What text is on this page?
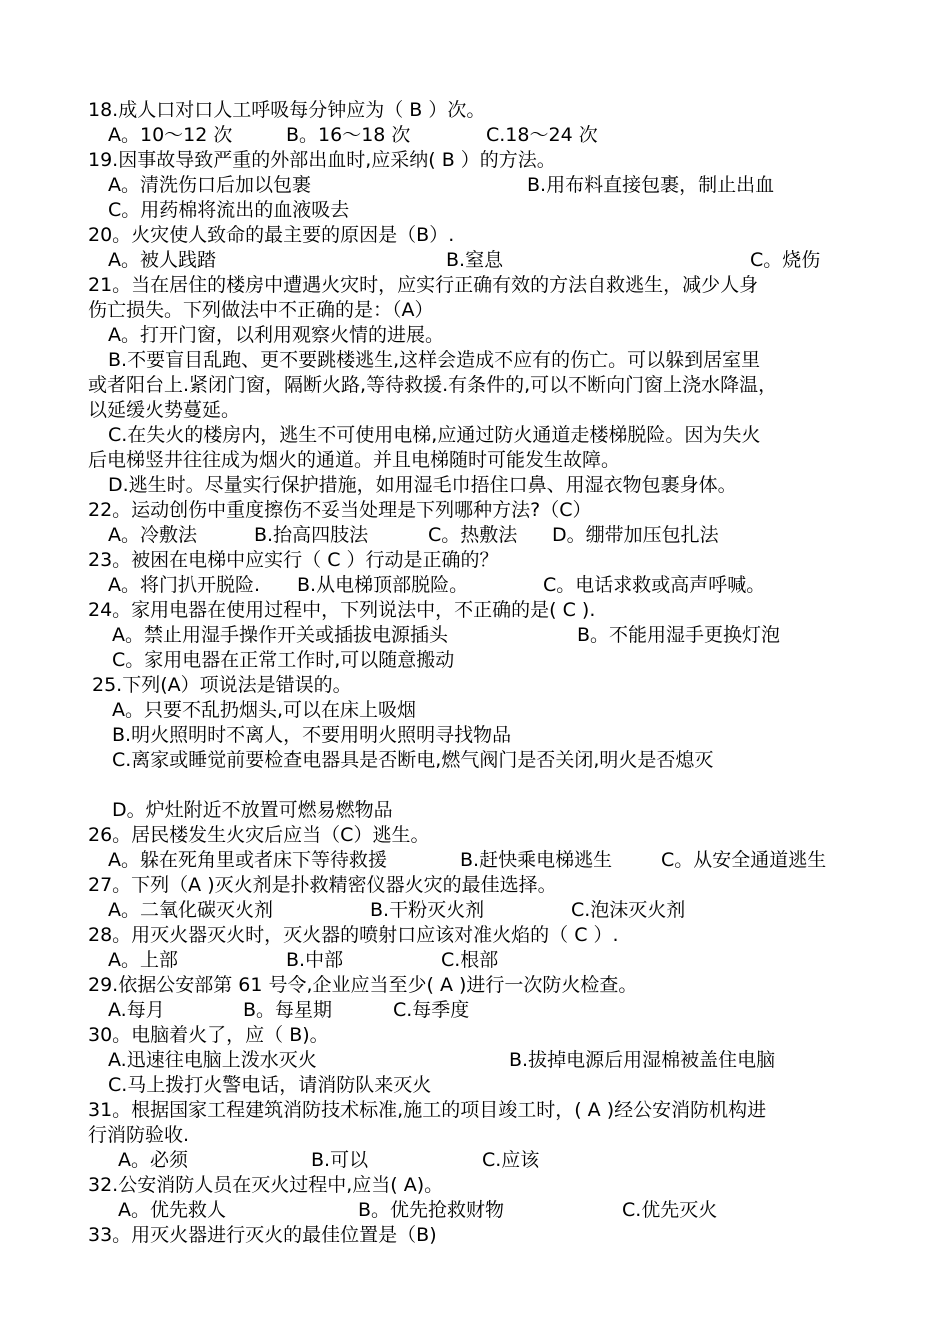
18.成人口对口人工呼吸每分钟应为（ B ）次。
A。10～12 次	B。16～18 次	C.18～24 次
19.因事故导致严重的外部出血时,应采纳( B ）的方法。
A。清洗伤口后加以包裹	B.用布料直接包裹，制止出血
C。用药棉将流出的血液吸去
20。火灾使人致命的最主要的原因是（B）.
A。被人践踏	B.窒息	C。烧伤
21。当在居住的楼房中遭遇火灾时，应实行正确有效的方法自救逃生，减少人身
伤亡损失。下列做法中不正确的是：（A）
A。打开门窗，以利用观察火情的进展。
B.不要盲目乱跑、更不要跳楼逃生,这样会造成不应有的伤亡。可以躲到居室里
或者阳台上.紧闭门窗，隔断火路,等待救援.有条件的,可以不断向门窗上浇水降温，
以延缓火势蔓延。
C.在失火的楼房内，逃生不可使用电梯,应通过防火通道走楼梯脱险。因为失火
后电梯竖井往往成为烟火的通道。并且电梯随时可能发生故障。
D.逃生时。尽量实行保护措施，如用湿毛巾捂住口鼻、用湿衣物包裹身体。
22。运动创伤中重度擦伤不妥当处理是下列哪种方法?（C）
A。冷敷法	B.抬高四肢法	C。热敷法 D。绷带加压包扎法
23。被困在电梯中应实行（ C ）行动是正确的？
A。将门扒开脱险. B.从电梯顶部脱险。	C。电话求救或高声呼喊。
24。家用电器在使用过程中，下列说法中，不正确的是( C ).
A。禁止用湿手操作开关或插拔电源插头	B。不能用湿手更换灯泡
C。家用电器在正常工作时,可以随意搬动
25.下列(A）项说法是错误的。
A。只要不乱扔烟头,可以在床上吸烟
B.明火照明时不离人，不要用明火照明寻找物品
C.离家或睡觉前要检查电器具是否断电,燃气阀门是否关闭,明火是否熄灭
D。炉灶附近不放置可燃易燃物品
26。居民楼发生火灾后应当（C）逃生。
A。躲在死角里或者床下等待救援	B.赶快乘电梯逃生	C。从安全通道逃生
27。下列（A )灭火剂是扑救精密仪器火灾的最佳选择。
A。二氧化碳灭火剂	B.干粉灭火剂	C.泡沫灭火剂
28。用灭火器灭火时，灭火器的喷射口应该对准火焰的（ C ）.
A。上部	B.中部	C.根部
29.依据公安部第 61 号令,企业应当至少( A )进行一次防火检查。
A.每月	B。每星期	C.每季度
30。电脑着火了，应（ B)。
A.迅速往电脑上泼水灭火	B.拔掉电源后用湿棉被盖住电脑
C.马上拨打火警电话，请消防队来灭火
31。根据国家工程建筑消防技术标准,施工的项目竣工时，( A )经公安消防机构进
行消防验收.
A。必须	B.可以	C.应该
32.公安消防人员在灭火过程中,应当( A)。
A。优先救人	B。优先抢救财物	C.优先灭火
33。用灭火器进行灭火的最佳位置是（B)
